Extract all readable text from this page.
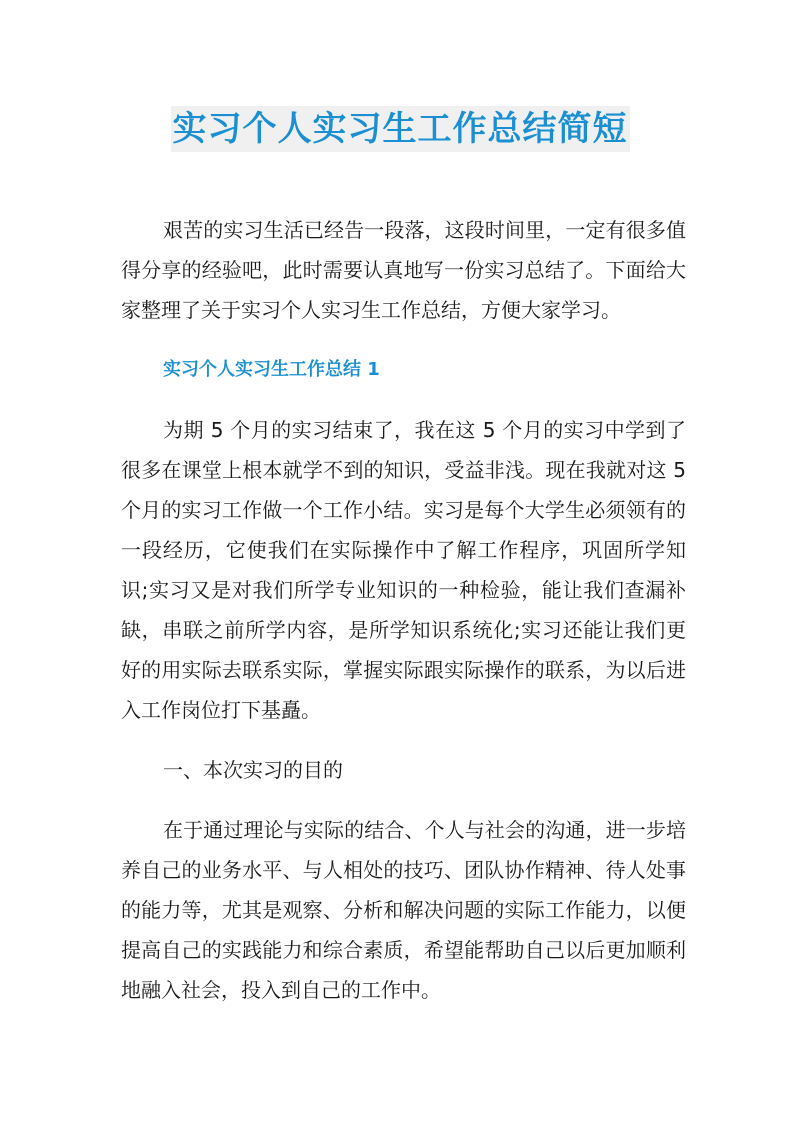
实习个人实习生工作总结简短

艰苦的实习生活已经告一段落，这段时间里，一定有很多值得分享的经验吧，此时需要认真地写一份实习总结了。下面给大家整理了关于实习个人实习生工作总结，方便大家学习。

实习个人实习生工作总结 1

为期 5 个月的实习结束了，我在这 5 个月的实习中学到了很多在课堂上根本就学不到的知识，受益非浅。现在我就对这 5 个月的实习工作做一个工作小结。实习是每个大学生必须领有的一段经历，它使我们在实际操作中了解工作程序，巩固所学知识;实习又是对我们所学专业知识的一种检验，能让我们查漏补缺，串联之前所学内容，是所学知识系统化;实习还能让我们更好的用实际去联系实际，掌握实际跟实际操作的联系，为以后进入工作岗位打下基矗。

一、本次实习的目的

在于通过理论与实际的结合、个人与社会的沟通，进一步培养自己的业务水平、与人相处的技巧、团队协作精神、待人处事的能力等，尤其是观察、分析和解决问题的实际工作能力，以便提高自己的实践能力和综合素质，希望能帮助自己以后更加顺利地融入社会，投入到自己的工作中。
